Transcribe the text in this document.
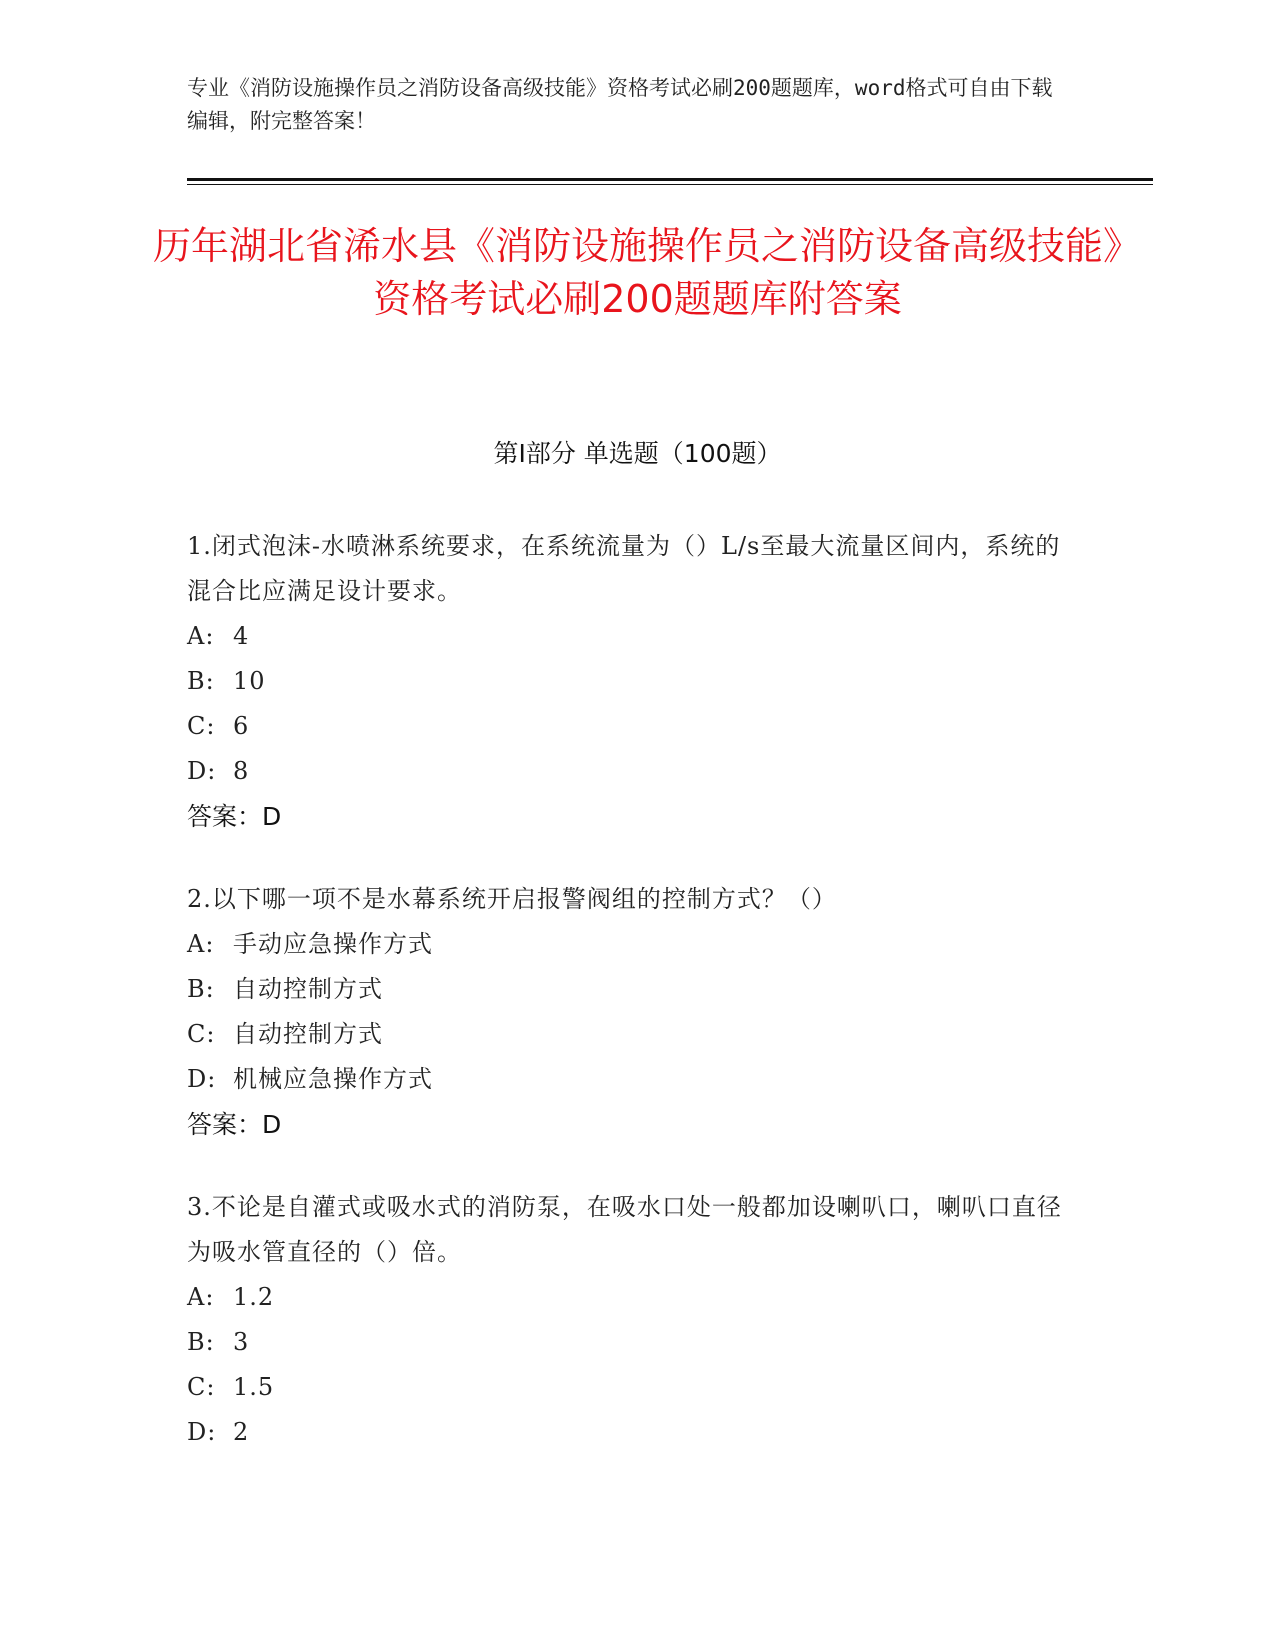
专业《消防设施操作员之消防设备高级技能》资格考试必刷200题题库，word格式可自由下载编辑，附完整答案！
历年湖北省浠水县《消防设施操作员之消防设备高级技能》资格考试必刷200题题库附答案
第Ⅰ部分 单选题（100题）
1.闭式泡沫-水喷淋系统要求，在系统流量为（）L/s至最大流量区间内，系统的混合比应满足设计要求。
A: 4
B: 10
C: 6
D: 8
答案：D
2.以下哪一项不是水幕系统开启报警阀组的控制方式？（）
A: 手动应急操作方式
B: 自动控制方式
C: 自动控制方式
D: 机械应急操作方式
答案：D
3.不论是自灌式或吸水式的消防泵，在吸水口处一般都加设喇叭口，喇叭口直径为吸水管直径的（）倍。
A: 1.2
B: 3
C: 1.5
D: 2
